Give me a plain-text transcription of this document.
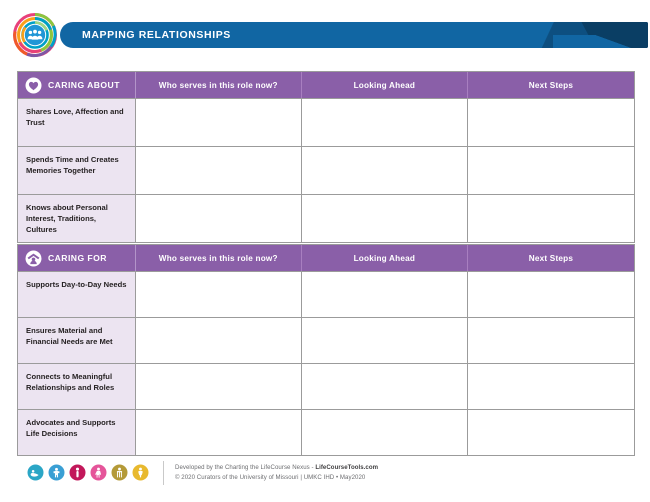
MAPPING RELATIONSHIPS
CARING ABOUT	Who serves in this role now?	Looking Ahead	Next Steps
Shares Love, Affection and Trust
Spends Time and Creates Memories Together
Knows about Personal Interest, Traditions, Cultures
CARING FOR	Who serves in this role now?	Looking Ahead	Next Steps
Supports Day-to-Day Needs
Ensures Material and Financial Needs are Met
Connects to Meaningful Relationships and Roles
Advocates and Supports Life Decisions
Developed by the Charting the LifeCourse Nexus - LifeCourseTools.com
© 2020 Curators of the University of Missouri | UMKC IHD • May2020
